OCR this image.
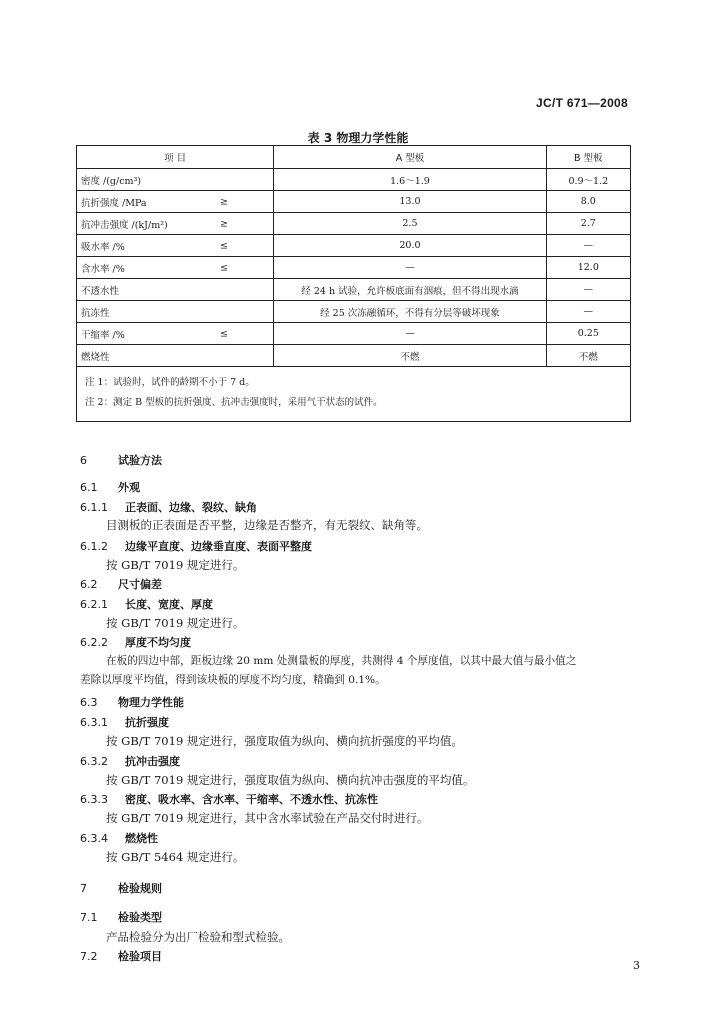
JC/T 671—2008
表 3 物理力学性能
项 目	A 型板	B 型板
密度 /(g/cm³)	1.6～1.9	0.9～1.2
抗折强度 /MPa ≥	13.0	8.0
抗冲击强度 /(kJ/m²) ≥	2.5	2.7
吸水率 /% ≤	20.0	—
含水率 /% ≤	—	12.0
不透水性	经 24 h 试验，允许板底面有洇痕，但不得出现水滴	—
抗冻性	经 25 次冻融循环，不得有分层等破坏现象	—
干缩率 /% ≤	—	0.25
燃烧性	不燃	不燃

注 1：试验时，试件的龄期不小于 7 d。
注 2：测定 B 型板的抗折强度、抗冲击强度时，采用气干状态的试件。		
6	试验方法
6.1 外观
6.1.1 正表面、边缘、裂纹、缺角
目测板的正表面是否平整，边缘是否整齐，有无裂纹、缺角等。
6.1.2 边缘平直度、边缘垂直度、表面平整度
按 GB/T 7019 规定进行。
6.2 尺寸偏差
6.2.1 长度、宽度、厚度
按 GB/T 7019 规定进行。
6.2.2 厚度不均匀度
在板的四边中部，距板边缘 20 mm 处测量板的厚度，共测得 4 个厚度值，以其中最大值与最小值之
差除以厚度平均值，得到该块板的厚度不均匀度，精确到 0.1%。
6.3 物理力学性能
6.3.1 抗折强度
按 GB/T 7019 规定进行，强度取值为纵向、横向抗折强度的平均值。
6.3.2 抗冲击强度
按 GB/T 7019 规定进行，强度取值为纵向、横向抗冲击强度的平均值。
6.3.3 密度、吸水率、含水率、干缩率、不透水性、抗冻性
按 GB/T 7019 规定进行，其中含水率试验在产品交付时进行。
6.3.4 燃烧性
按 GB/T 5464 规定进行。
7	检验规则
7.1 检验类型
产品检验分为出厂检验和型式检验。
7.2 检验项目
3
